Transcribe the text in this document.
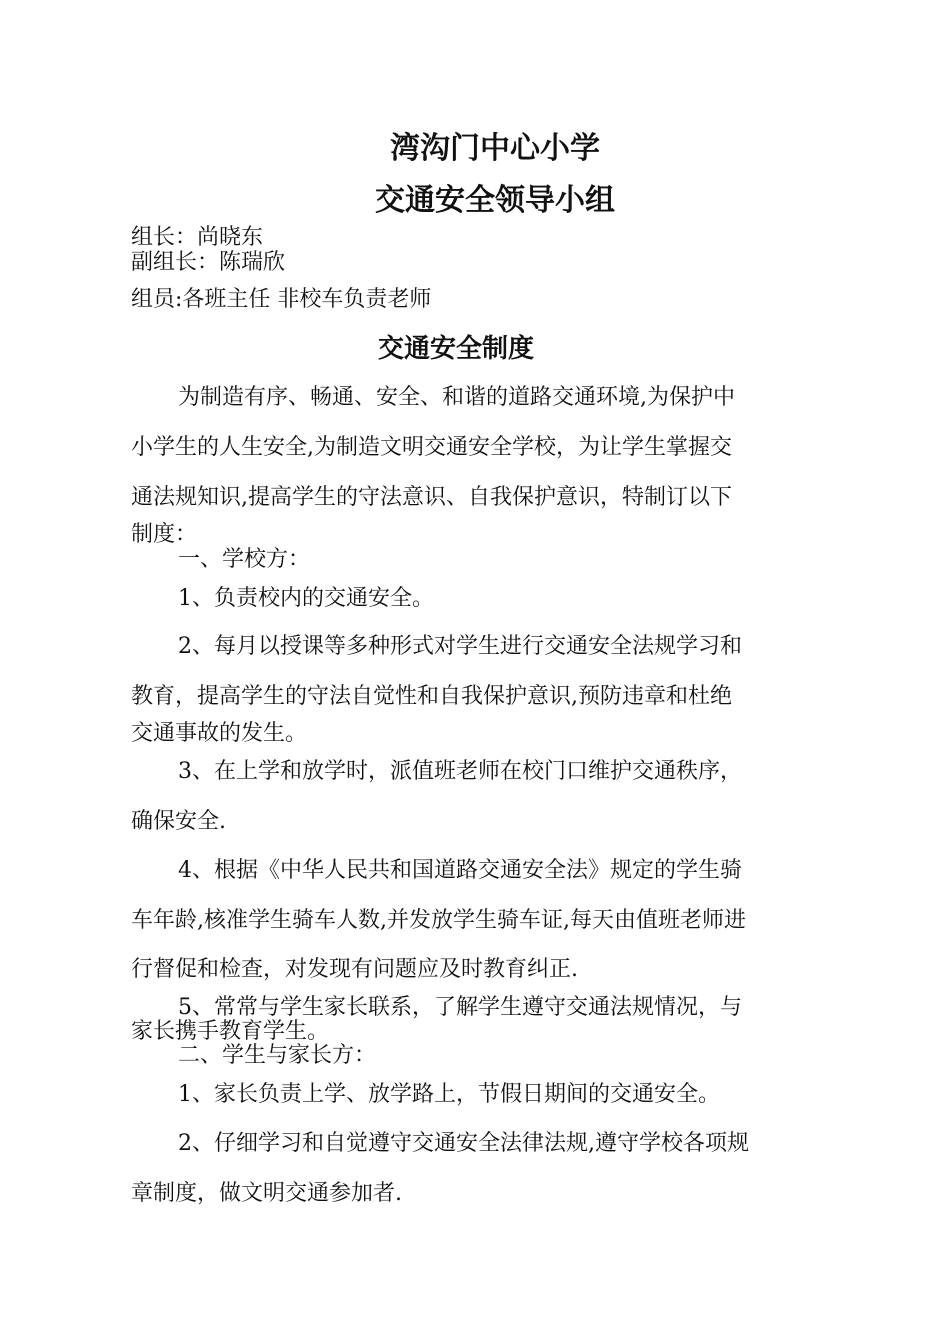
湾沟门中心小学
交通安全领导小组
组长：尚晓东
副组长：陈瑞欣
组员:各班主任 非校车负责老师
交通安全制度
为制造有序、畅通、安全、和谐的道路交通环境,为保护中
小学生的人生安全,为制造文明交通安全学校，为让学生掌握交
通法规知识,提高学生的守法意识、自我保护意识，特制订以下
制度：
一、学校方：
1、负责校内的交通安全。
2、每月以授课等多种形式对学生进行交通安全法规学习和
教育，提高学生的守法自觉性和自我保护意识,预防违章和杜绝
交通事故的发生。
3、在上学和放学时，派值班老师在校门口维护交通秩序，
确保安全.
4、根据《中华人民共和国道路交通安全法》规定的学生骑
车年龄,核准学生骑车人数,并发放学生骑车证,每天由值班老师进
行督促和检查，对发现有问题应及时教育纠正.
5、常常与学生家长联系，了解学生遵守交通法规情况，与
家长携手教育学生。
二、学生与家长方：
1、家长负责上学、放学路上，节假日期间的交通安全。
2、仔细学习和自觉遵守交通安全法律法规,遵守学校各项规
章制度，做文明交通参加者.
